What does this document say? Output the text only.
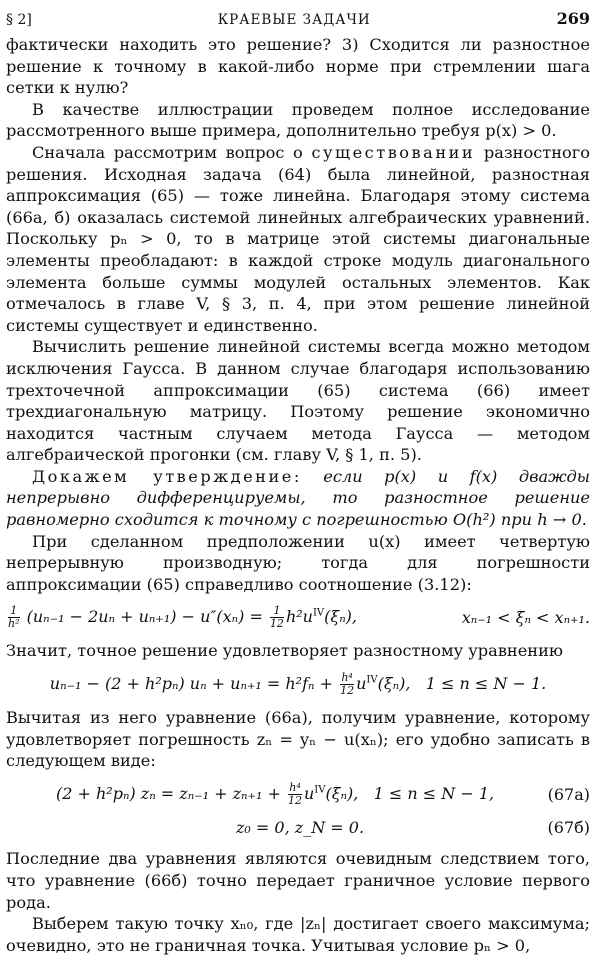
§ 2]	КРАЕВЫЕ ЗАДАЧИ	269

фактически находить это решение? 3) Сходится ли разностное решение к точному в какой-либо норме при стремлении шага сетки к нулю?

В качестве иллюстрации проведем полное исследование рассмотренного выше примера, дополнительно требуя p(x) > 0.

Сначала рассмотрим вопрос о существовании разностного решения. Исходная задача (64) была линейной, разностная аппроксимация (65) — тоже линейна. Благодаря этому система (66а, б) оказалась системой линейных алгебраических уравнений. Поскольку pₙ > 0, то в матрице этой системы диагональные элементы преобладают: в каждой строке модуль диагонального элемента больше суммы модулей остальных элементов. Как отмечалось в главе V, § 3, п. 4, при этом решение линейной системы существует и единственно.

Вычислить решение линейной системы всегда можно методом исключения Гаусса. В данном случае благодаря использованию трехточечной аппроксимации (65) система (66) имеет трехдиагональную матрицу. Поэтому решение экономично находится частным случаем метода Гаусса — методом алгебраической прогонки (см. главу V, § 1, п. 5).

Докажем утверждение: если p(x) и f(x) дважды непрерывно дифференцируемы, то разностное решение равномерно сходится к точному с погрешностью O(h²) при h → 0.

При сделанном предположении u(x) имеет четвертую непрерывную производную; тогда для погрешности аппроксимации (65) справедливо соотношение (3.12):

$\frac{1}{\text{h²}} (u_{n-1} - 2u_n + u_{n+1}) - u''(x_n) = \frac{1}{12} h^2u^{IV}(\xi_n)$,	xₙ₋₁ < ξₙ < xₙ₊₁.

Значит, точное решение удовлетворяет разностному уравнению

uₙ₋₁ − (2 + h²pₙ) $u_n + u_{n+1} = h^2f_n + \frac{\text{h⁴}}{12} u^{IV}(\xi_n)$, 1 ≤ n ≤ N − 1.

Вычитая из него уравнение (66а), получим уравнение, которому удовлетворяет погрешность zₙ = yₙ − u(xₙ); его удобно записать в следующем виде:

(2 + h²pₙ) $z_n = z_{n-1} + z_{n+1} + \frac{\text{h⁴}}{12} u^{IV}(\xi_n)$, 1 ≤ n ≤ N − 1,	(67а)
z₀ = 0, z_N = 0.	(67б)

Последние два уравнения являются очевидным следствием того, что уравнение (66б) точно передает граничное условие первого рода.

Выберем такую точку xₙ₀, где |zₙ| достигает своего максимума; очевидно, это не граничная точка. Учитывая условие pₙ > 0,
